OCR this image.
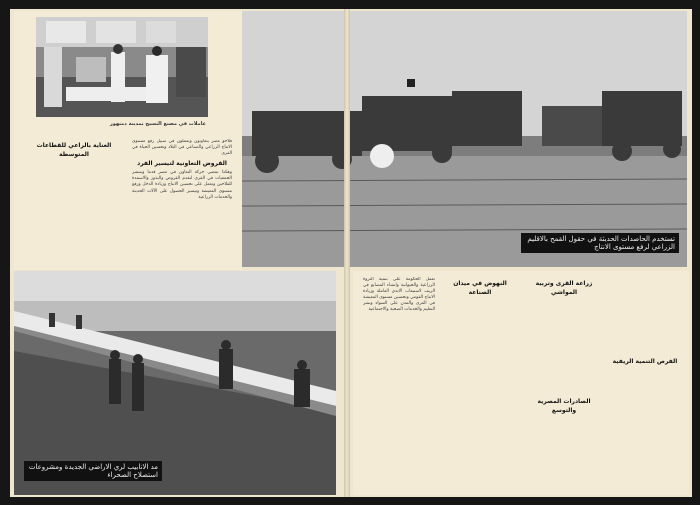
عاملات في مصنع النسيج بمدينة دمنهور
فلاحو مصر يتعاونون ويعملون في سبيل رفع مستوى الانتاج الزراعي والصناعي في البلاد وتحسين الحياة في القرى
القروض التعاونية لتيسير الفرد
وهكذا تمضي حركة التعاون في مصر قدما وتنتشر الجمعيات في القرى لتقدم القروض والبذور والاسمدة للفلاحين وتعمل على تحسين الانتاج وزيادة الدخل ورفع مستوى المعيشة وتيسير الحصول على الآلات الحديثة والخدمات الزراعية
العناية بالراعي للقطاعات المتوسطة
تستخدم الحاصدات الحديثة في حقول القمح بالاقليم الزراعي لرفع مستوى الانتاج
مد الانابيب لري الاراضي الجديدة ومشروعات استصلاح الصحراء
تعمل الحكومة على تنمية الثروة الزراعية والحيوانية وانشاء المصانع في الريف لاستيعاب الايدي العاملة وزيادة الانتاج القومي وتحسين مستوى المعيشة في القرى والمدن على السواء ونشر التعليم والخدمات الصحية والاجتماعية
النهوض في ميدان الصناعة
زراعة القرى وتربية المواشي
الصادرات المصرية والتوسع
الفرص التنمية الريفية
